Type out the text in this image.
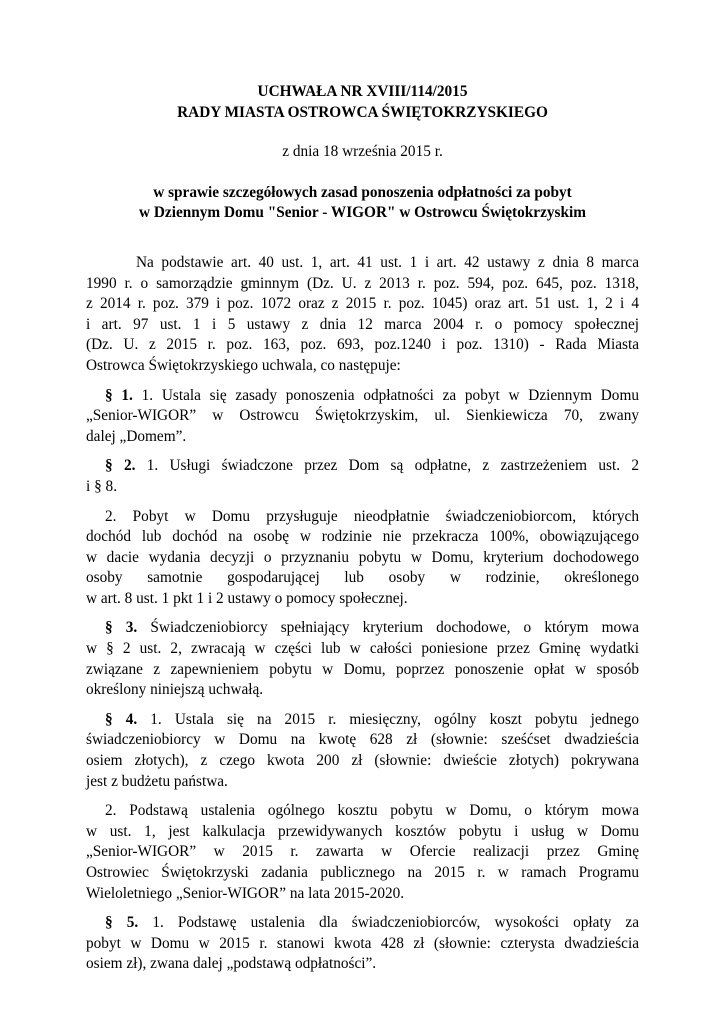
UCHWAŁA NR XVIII/114/2015
RADY MIASTA OSTROWCA ŚWIĘTOKRZYSKIEGO
z dnia 18 września 2015 r.
w sprawie szczegółowych zasad ponoszenia odpłatności za pobyt
w Dziennym Domu "Senior - WIGOR" w Ostrowcu Świętokrzyskim
Na podstawie art. 40 ust. 1, art. 41 ust. 1 i art. 42 ustawy z dnia 8 marca
1990 r. o samorządzie gminnym (Dz. U. z 2013 r. poz. 594, poz. 645, poz. 1318,
z 2014 r. poz. 379 i poz. 1072 oraz z 2015 r. poz. 1045) oraz art. 51 ust. 1, 2 i 4
i art. 97 ust. 1 i 5 ustawy z dnia 12 marca 2004 r. o pomocy społecznej
(Dz. U. z 2015 r. poz. 163, poz. 693, poz.1240 i poz. 1310) - Rada Miasta
Ostrowca Świętokrzyskiego uchwala, co następuje:
§ 1. 1. Ustala się zasady ponoszenia odpłatności za pobyt w Dziennym Domu
„Senior-WIGOR” w Ostrowcu Świętokrzyskim, ul. Sienkiewicza 70, zwany
dalej „Domem”.
§ 2. 1. Usługi świadczone przez Dom są odpłatne, z zastrzeżeniem ust. 2
i § 8.
2. Pobyt w Domu przysługuje nieodpłatnie świadczeniobiorcom, których
dochód lub dochód na osobę w rodzinie nie przekracza 100%, obowiązującego
w dacie wydania decyzji o przyznaniu pobytu w Domu, kryterium dochodowego
osoby samotnie gospodarującej lub osoby w rodzinie, określonego
w art. 8 ust. 1 pkt 1 i 2 ustawy o pomocy społecznej.
§ 3. Świadczeniobiorcy spełniający kryterium dochodowe, o którym mowa
w § 2 ust. 2, zwracają w części lub w całości poniesione przez Gminę wydatki
związane z zapewnieniem pobytu w Domu, poprzez ponoszenie opłat w sposób
określony niniejszą uchwałą.
§ 4. 1. Ustala się na 2015 r. miesięczny, ogólny koszt pobytu jednego
świadczeniobiorcy w Domu na kwotę 628 zł (słownie: sześćset dwadzieścia
osiem złotych), z czego kwota 200 zł (słownie: dwieście złotych) pokrywana
jest z budżetu państwa.
2. Podstawą ustalenia ogólnego kosztu pobytu w Domu, o którym mowa
w ust. 1, jest kalkulacja przewidywanych kosztów pobytu i usług w Domu
„Senior-WIGOR” w 2015 r. zawarta w Ofercie realizacji przez Gminę
Ostrowiec Świętokrzyski zadania publicznego na 2015 r. w ramach Programu
Wieloletniego „Senior-WIGOR” na lata 2015-2020.
§ 5. 1. Podstawę ustalenia dla świadczeniobiorców, wysokości opłaty za
pobyt w Domu w 2015 r. stanowi kwota 428 zł (słownie: czterysta dwadzieścia
osiem zł), zwana dalej „podstawą odpłatności”.
